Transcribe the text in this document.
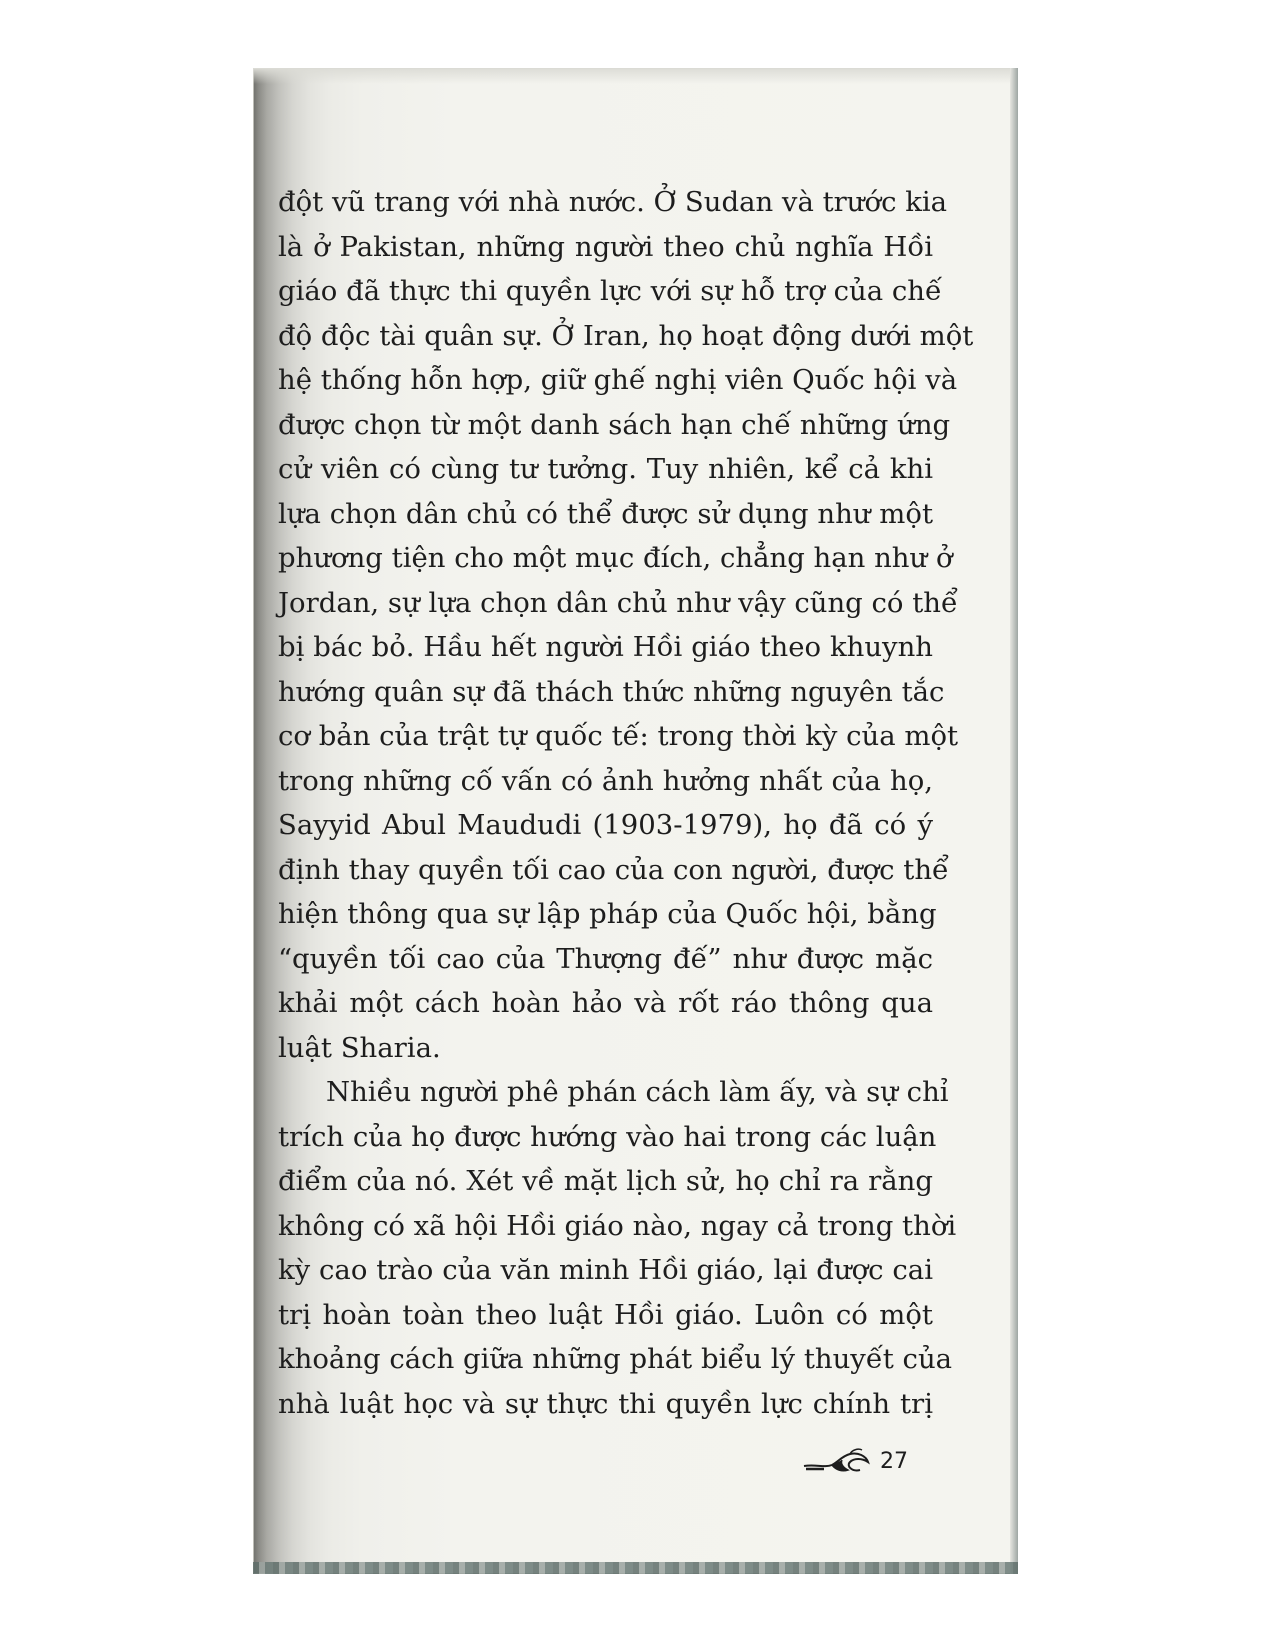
đột vũ trang với nhà nước. Ở Sudan và trước kia
là ở Pakistan, những người theo chủ nghĩa Hồi
giáo đã thực thi quyền lực với sự hỗ trợ của chế
độ độc tài quân sự. Ở Iran, họ hoạt động dưới một
hệ thống hỗn hợp, giữ ghế nghị viên Quốc hội và
được chọn từ một danh sách hạn chế những ứng
cử viên có cùng tư tưởng. Tuy nhiên, kể cả khi
lựa chọn dân chủ có thể được sử dụng như một
phương tiện cho một mục đích, chẳng hạn như ở
Jordan, sự lựa chọn dân chủ như vậy cũng có thể
bị bác bỏ. Hầu hết người Hồi giáo theo khuynh
hướng quân sự đã thách thức những nguyên tắc
cơ bản của trật tự quốc tế: trong thời kỳ của một
trong những cố vấn có ảnh hưởng nhất của họ,
Sayyid Abul Maududi (1903-1979), họ đã có ý
định thay quyền tối cao của con người, được thể
hiện thông qua sự lập pháp của Quốc hội, bằng
“quyền tối cao của Thượng đế” như được mặc
khải một cách hoàn hảo và rốt ráo thông qua
luật Sharia.
Nhiều người phê phán cách làm ấy, và sự chỉ
trích của họ được hướng vào hai trong các luận
điểm của nó. Xét về mặt lịch sử, họ chỉ ra rằng
không có xã hội Hồi giáo nào, ngay cả trong thời
kỳ cao trào của văn minh Hồi giáo, lại được cai
trị hoàn toàn theo luật Hồi giáo. Luôn có một
khoảng cách giữa những phát biểu lý thuyết của
nhà luật học và sự thực thi quyền lực chính trị
27
